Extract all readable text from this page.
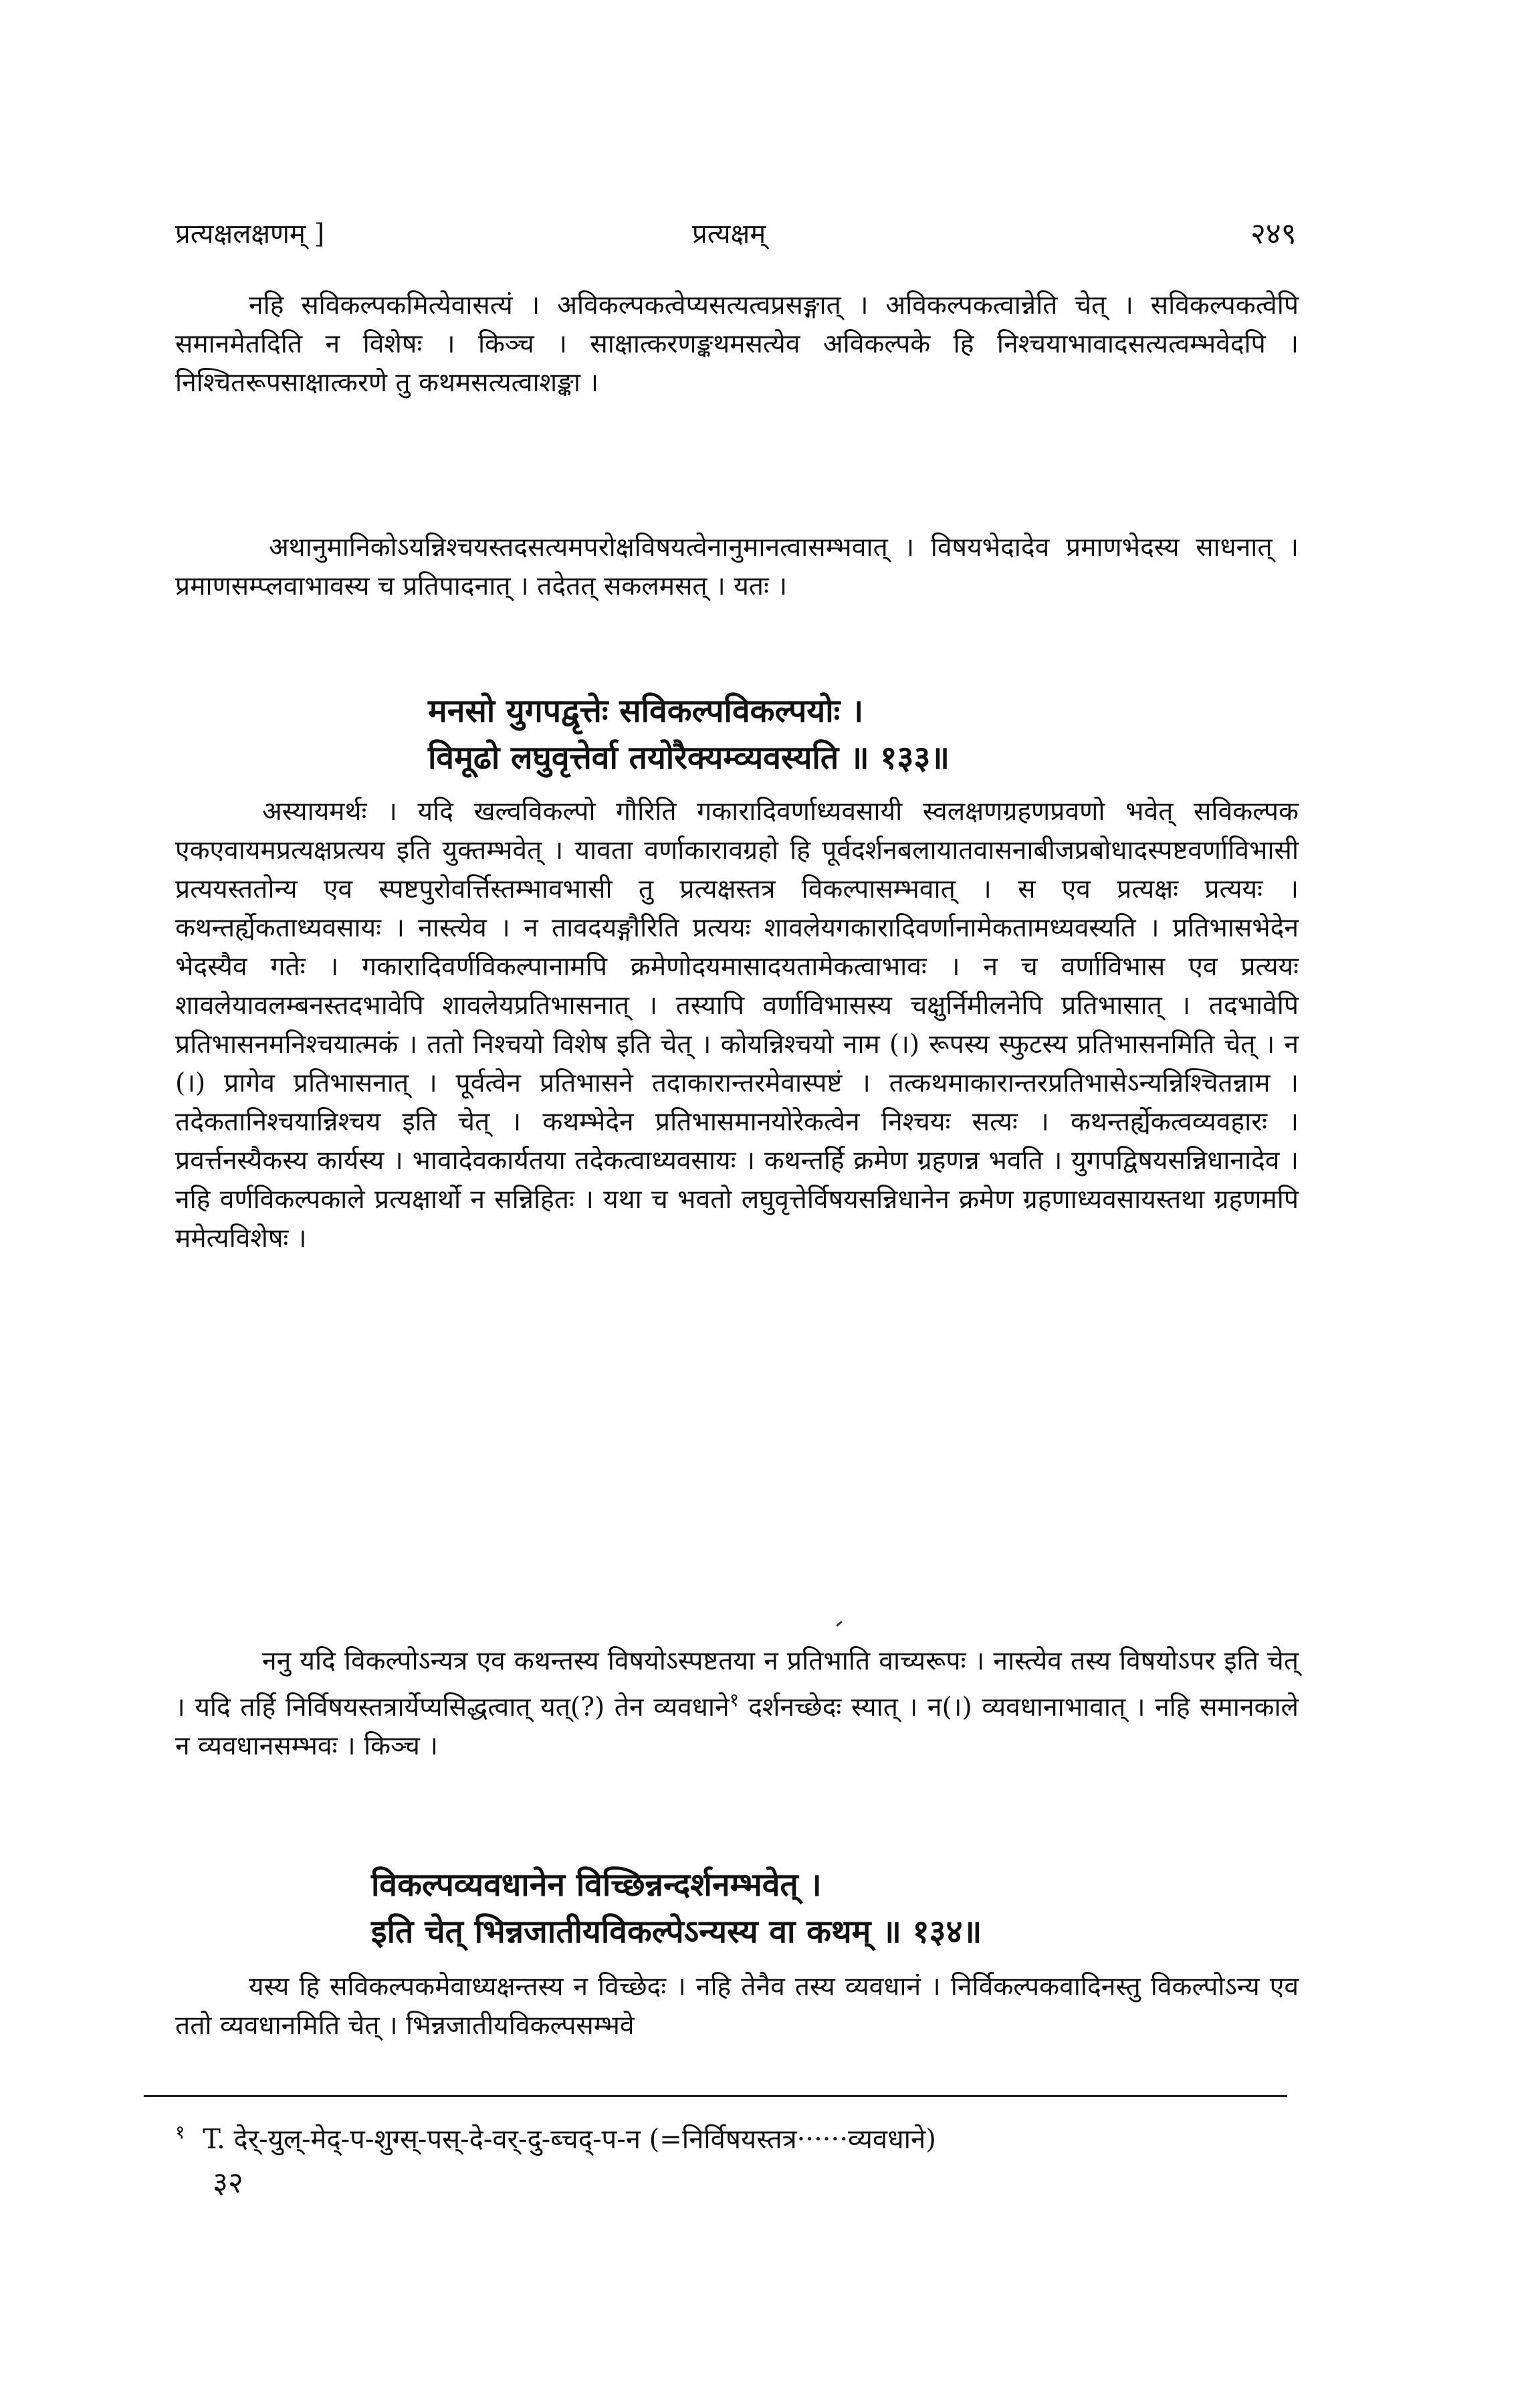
प्रत्यक्षलक्षणम् ]	प्रत्यक्षम्	२४९

नहि सविकल्पकमित्येवासत्यं । अविकल्पकत्वेप्यसत्यत्वप्रसङ्गात् । अविकल्पकत्वान्नेति चेत् । सविकल्पकत्वेपि समानमेतदिति न विशेषः । किञ्च । साक्षात्करणङ्कथमसत्येव अविकल्पके हि निश्चयाभावादसत्यत्वम्भवेदपि । निश्चितरूपसाक्षात्करणे तु कथमसत्यत्वाशङ्का ।

अथानुमानिकोऽयन्निश्चयस्तदसत्यमपरोक्षविषयत्वेनानुमानत्वासम्भवात् । विषयभेदादेव प्रमाणभेदस्य साधनात् । प्रमाणसम्प्लवाभावस्य च प्रतिपादनात् । तदेतत् सकलमसत् । यतः ।

मनसो युगपद्वृत्तेः सविकल्पविकल्पयोः ।
विमूढो लघुवृत्तेर्वा तयोरैक्यम्व्यवस्यति ॥ १३३॥

अस्यायमर्थः । यदि खल्वविकल्पो गौरिति गकारादिवर्णाध्यवसायी स्वलक्षणग्रहणप्रवणो भवेत् सविकल्पक एकएवायमप्रत्यक्षप्रत्यय इति युक्तम्भवेत् । यावता वर्णाकारावग्रहो हि पूर्वदर्शनबलायातवासनाबीजप्रबोधादस्पष्टवर्णाविभासी प्रत्ययस्ततोन्य एव स्पष्टपुरोवर्त्तिस्तम्भावभासी तु प्रत्यक्षस्तत्र विकल्पासम्भवात् । स एव प्रत्यक्षः प्रत्ययः । कथन्तर्ह्येकताध्यवसायः । नास्त्येव । न तावदयङ्गौरिति प्रत्ययः शावलेयगकारादिवर्णानामेकतामध्यवस्यति । प्रतिभासभेदेन भेदस्यैव गतेः । गकारादिवर्णविकल्पानामपि क्रमेणोदयमासादयतामेकत्वाभावः । न च वर्णाविभास एव प्रत्ययः शावलेयावलम्बनस्तदभावेपि शावलेयप्रतिभासनात् । तस्यापि वर्णाविभासस्य चक्षुर्निमीलनेपि प्रतिभासात् । तदभावेपि प्रतिभासनमनिश्चयात्मकं । ततो निश्चयो विशेष इति चेत् । कोयन्निश्चयो नाम (।) रूपस्य स्फुटस्य प्रतिभासनमिति चेत् । न (।) प्रागेव प्रतिभासनात् । पूर्वत्वेन प्रतिभासने तदाकारान्तरमेवास्पष्टं । तत्कथमाकारान्तरप्रतिभासेऽन्यन्निश्चितन्नाम । तदेकतानिश्चयान्निश्चय इति चेत् । कथम्भेदेन प्रतिभासमानयोरेकत्वेन निश्चयः सत्यः । कथन्तर्ह्येकत्वव्यवहारः । प्रवर्त्तनस्यैकस्य कार्यस्य । भावादेवकार्यतया तदेकत्वाध्यवसायः । कथन्तर्हि क्रमेण ग्रहणन्न भवति । युगपद्विषयसन्निधानादेव । नहि वर्णविकल्पकाले प्रत्यक्षार्थो न सन्निहितः । यथा च भवतो लघुवृत्तेर्विषयसन्निधानेन क्रमेण ग्रहणाध्यवसायस्तथा ग्रहणमपि ममेत्यविशेषः ।

ननु यदि विकल्पोऽन्यत्र एव कथन्तस्य विषयोऽस्पष्टतया न प्रतिभाति वाच्यरूपः । नास्त्येव तस्य विषयोऽपर इति चेत् । यदि तर्हि निर्विषयस्तत्रार्येप्यसिद्धत्वात् यत्(?) तेन व्यवधाने$^१$ दर्शनच्छेदः स्यात् । न(।) व्यवधानाभावात् । नहि समानकाले न व्यवधानसम्भवः । किञ्च ।

विकल्पव्यवधानेन विच्छिन्नन्दर्शनम्भवेत् ।
इति चेत् भिन्नजातीयविकल्पेऽन्यस्य वा कथम् ॥ १३४॥

यस्य हि सविकल्पकमेवाध्यक्षन्तस्य न विच्छेदः । नहि तेनैव तस्य व्यवधानं । निर्विकल्पकवादिनस्तु विकल्पोऽन्य एव ततो व्यवधानमिति चेत् । भिन्नजातीयविकल्पसम्भवे

$^१$ T. देर्-युल्-मेद्-प-शुग्स्-पस्-दे-वर्-दु-ब्चद्-प-न (=निर्विषयस्तत्र······व्यवधाने)
३२
